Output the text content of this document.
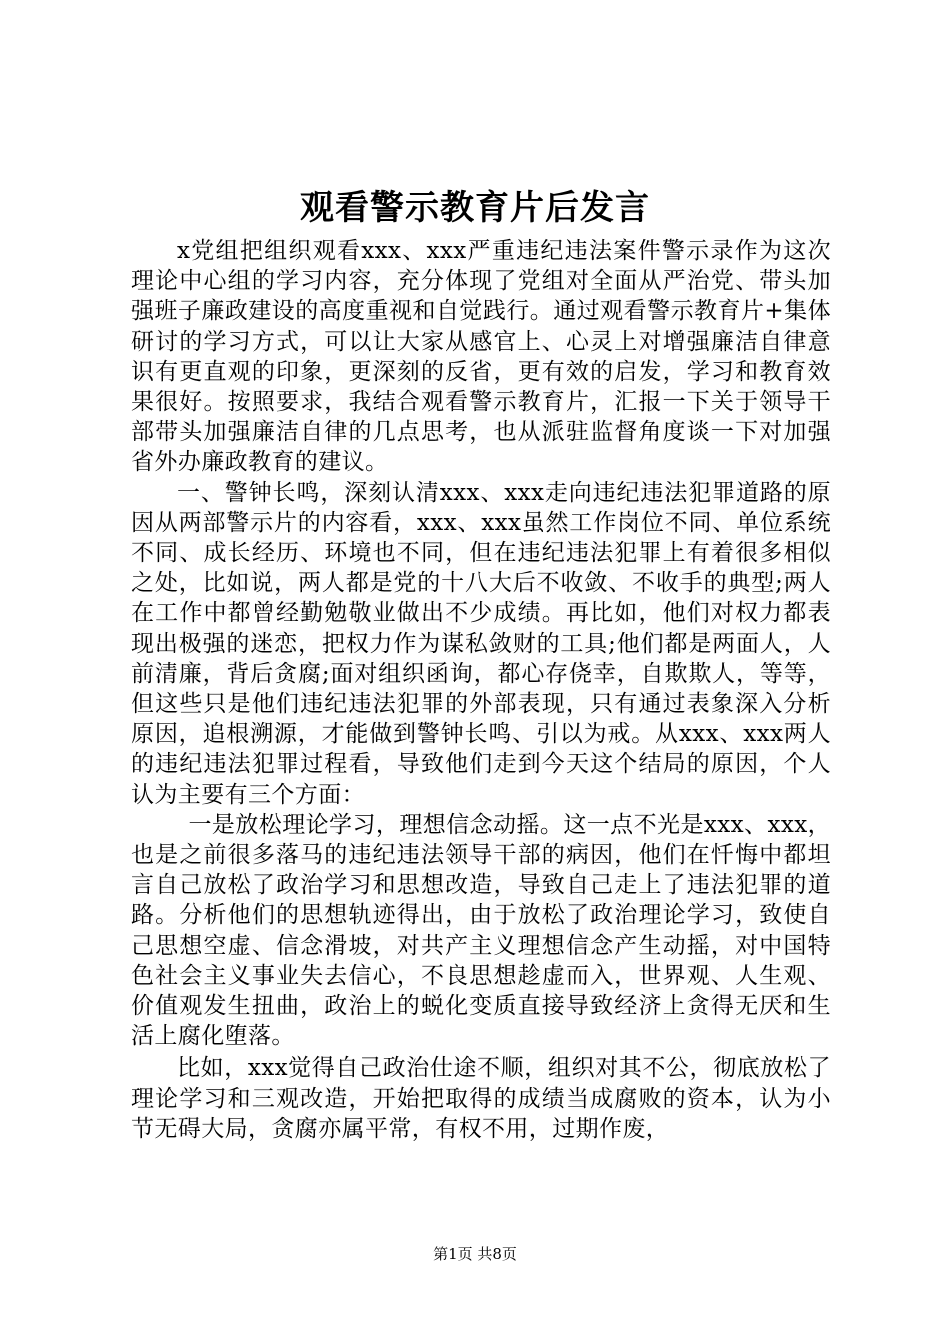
观看警示教育片后发言

x党组把组织观看xxx、xxx严重违纪违法案件警示录作为这次理论中心组的学习内容，充分体现了党组对全面从严治党、带头加强班子廉政建设的高度重视和自觉践行。通过观看警示教育片+集体研讨的学习方式，可以让大家从感官上、心灵上对增强廉洁自律意识有更直观的印象，更深刻的反省，更有效的启发，学习和教育效果很好。按照要求，我结合观看警示教育片，汇报一下关于领导干部带头加强廉洁自律的几点思考，也从派驻监督角度谈一下对加强省外办廉政教育的建议。

一、警钟长鸣，深刻认清xxx、xxx走向违纪违法犯罪道路的原因从两部警示片的内容看，xxx、xxx虽然工作岗位不同、单位系统不同、成长经历、环境也不同，但在违纪违法犯罪上有着很多相似之处，比如说，两人都是党的十八大后不收敛、不收手的典型;两人在工作中都曾经勤勉敬业做出不少成绩。再比如，他们对权力都表现出极强的迷恋，把权力作为谋私敛财的工具;他们都是两面人，人前清廉，背后贪腐;面对组织函询，都心存侥幸，自欺欺人，等等，但这些只是他们违纪违法犯罪的外部表现，只有通过表象深入分析原因，追根溯源，才能做到警钟长鸣、引以为戒。从xxx、xxx两人的违纪违法犯罪过程看，导致他们走到今天这个结局的原因，个人认为主要有三个方面：

一是放松理论学习，理想信念动摇。这一点不光是xxx、xxx，也是之前很多落马的违纪违法领导干部的病因，他们在忏悔中都坦言自己放松了政治学习和思想改造，导致自己走上了违法犯罪的道路。分析他们的思想轨迹得出，由于放松了政治理论学习，致使自己思想空虚、信念滑坡，对共产主义理想信念产生动摇，对中国特色社会主义事业失去信心，不良思想趁虚而入，世界观、人生观、价值观发生扭曲，政治上的蜕化变质直接导致经济上贪得无厌和生活上腐化堕落。

比如，xxx觉得自己政治仕途不顺，组织对其不公，彻底放松了理论学习和三观改造，开始把取得的成绩当成腐败的资本，认为小节无碍大局，贪腐亦属平常，有权不用，过期作废，

第1页 共8页
